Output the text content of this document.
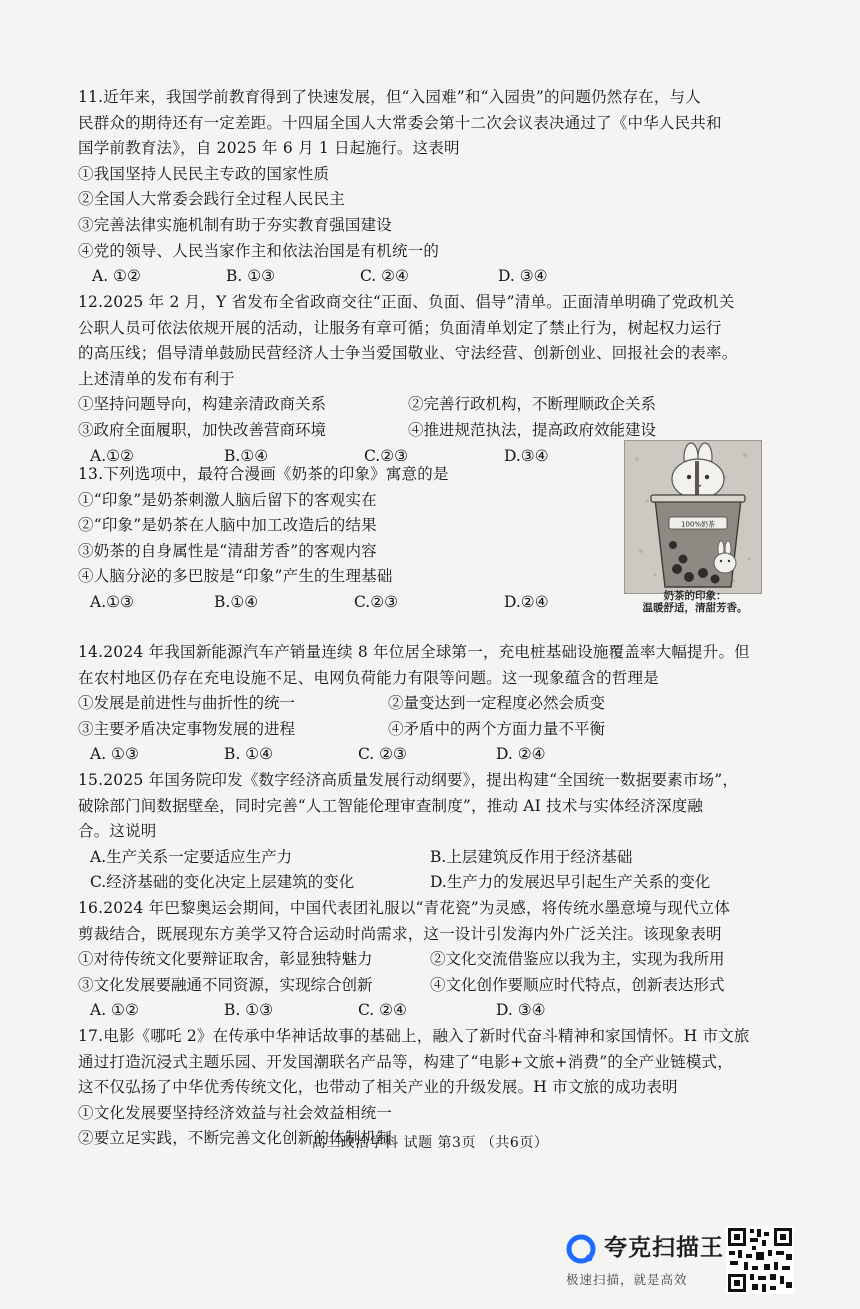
11.近年来，我国学前教育得到了快速发展，但“入园难”和“入园贵”的问题仍然存在，与人
民群众的期待还有一定差距。十四届全国人大常委会第十二次会议表决通过了《中华人民共和
国学前教育法》，自 2025 年 6 月 1 日起施行。这表明
①我国坚持人民民主专政的国家性质
②全国人大常委会践行全过程人民民主
③完善法律实施机制有助于夯实教育强国建设
④党的领导、人民当家作主和依法治国是有机统一的
A. ①②	B. ①③	C. ②④	D. ③④
12.2025 年 2 月，Y 省发布全省政商交往“正面、负面、倡导”清单。正面清单明确了党政机关
公职人员可依法依规开展的活动，让服务有章可循；负面清单划定了禁止行为，树起权力运行
的高压线；倡导清单鼓励民营经济人士争当爱国敬业、守法经营、创新创业、回报社会的表率。
上述清单的发布有利于
①坚持问题导向，构建亲清政商关系	②完善行政机构，不断理顺政企关系
③政府全面履职，加快改善营商环境	④推进规范执法，提高政府效能建设
A.①②	B.①④	C.②③	D.③④
13.下列选项中，最符合漫画《奶茶的印象》寓意的是
①“印象”是奶茶刺激人脑后留下的客观实在
②“印象”是奶茶在人脑中加工改造后的结果
③奶茶的自身属性是“清甜芳香”的客观内容
④人脑分泌的多巴胺是“印象”产生的生理基础
A.①③	B.①④	C.②③	D.②④
100%奶茶
奶茶的印象：
温暖舒适，清甜芳香。
14.2024 年我国新能源汽车产销量连续 8 年位居全球第一，充电桩基础设施覆盖率大幅提升。但
在农村地区仍存在充电设施不足、电网负荷能力有限等问题。这一现象蕴含的哲理是
①发展是前进性与曲折性的统一	②量变达到一定程度必然会质变
③主要矛盾决定事物发展的进程	④矛盾中的两个方面力量不平衡
A. ①③	B. ①④	C. ②③	D. ②④
15.2025 年国务院印发《数字经济高质量发展行动纲要》，提出构建“全国统一数据要素市场”，
破除部门间数据壁垒，同时完善“人工智能伦理审查制度”，推动 AI 技术与实体经济深度融
合。这说明
A.生产关系一定要适应生产力	B.上层建筑反作用于经济基础
C.经济基础的变化决定上层建筑的变化	D.生产力的发展迟早引起生产关系的变化
16.2024 年巴黎奥运会期间，中国代表团礼服以“青花瓷”为灵感，将传统水墨意境与现代立体
剪裁结合，既展现东方美学又符合运动时尚需求，这一设计引发海内外广泛关注。该现象表明
①对待传统文化要辩证取舍，彰显独特魅力	②文化交流借鉴应以我为主，实现为我所用
③文化发展要融通不同资源，实现综合创新	④文化创作要顺应时代特点，创新表达形式
A. ①②	B. ①③	C. ②④	D. ③④
17.电影《哪吒 2》在传承中华神话故事的基础上，融入了新时代奋斗精神和家国情怀。H 市文旅
通过打造沉浸式主题乐园、开发国潮联名产品等，构建了“电影+文旅+消费”的全产业链模式，
这不仅弘扬了中华优秀传统文化，也带动了相关产业的升级发展。H 市文旅的成功表明
①文化发展要坚持经济效益与社会效益相统一
②要立足实践，不断完善文化创新的体制机制
高三政治学科 试题 第3页 （共6页）
夸克扫描王
极速扫描，就是高效
